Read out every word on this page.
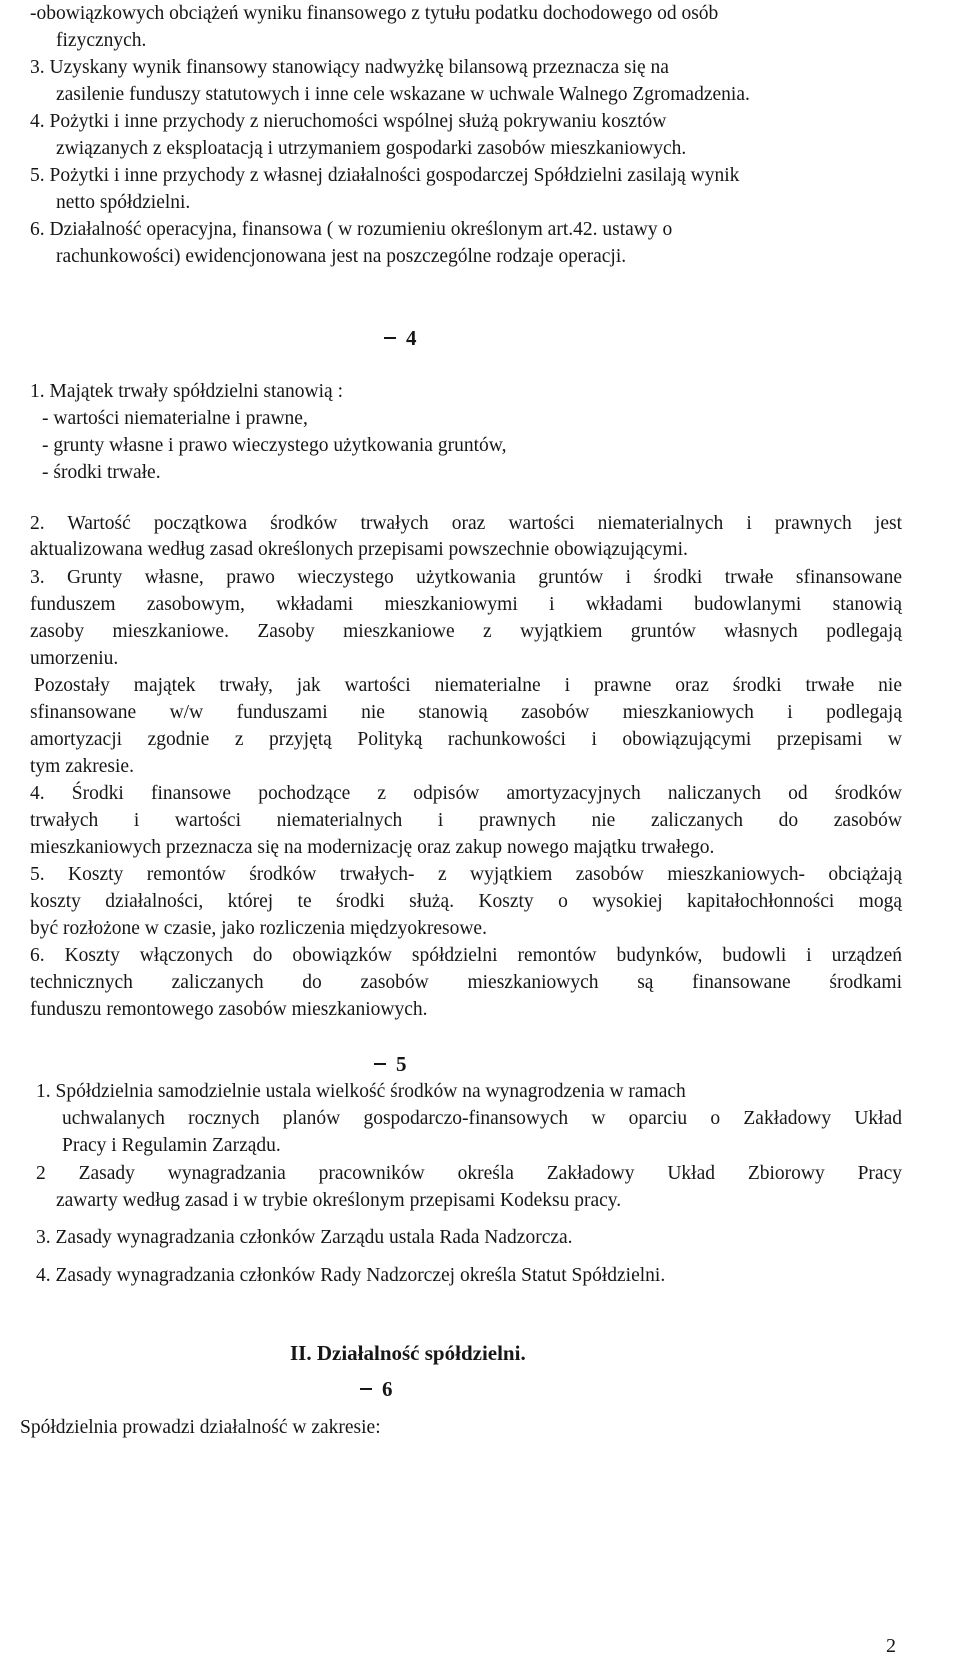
-obowiązkowych obciążeń wyniku finansowego z tytułu podatku dochodowego od osób
fizycznych.
3. Uzyskany wynik finansowy stanowiący nadwyżkę bilansową przeznacza się na
zasilenie funduszy statutowych i inne cele wskazane w uchwale Walnego Zgromadzenia.
4. Pożytki i inne przychody z nieruchomości wspólnej służą pokrywaniu kosztów
związanych z eksploatacją i utrzymaniem gospodarki zasobów mieszkaniowych.
5. Pożytki i inne przychody z własnej działalności gospodarczej Spółdzielni zasilają wynik
netto spółdzielni.
6. Działalność operacyjna, finansowa ( w rozumieniu określonym art.42. ustawy o
rachunkowości) ewidencjonowana jest na poszczególne rodzaje operacji.
4
1. Majątek trwały spółdzielni stanowią :
- wartości niematerialne i prawne,
- grunty własne i prawo wieczystego użytkowania gruntów,
- środki trwałe.
2. Wartość początkowa środków trwałych oraz wartości niematerialnych i prawnych jest
aktualizowana według zasad określonych przepisami powszechnie obowiązującymi.
3. Grunty własne, prawo wieczystego użytkowania gruntów i środki trwałe sfinansowane
funduszem zasobowym, wkładami mieszkaniowymi i wkładami budowlanymi stanowią
zasoby mieszkaniowe. Zasoby mieszkaniowe z wyjątkiem gruntów własnych podlegają
umorzeniu.
Pozostały majątek trwały, jak wartości niematerialne i prawne oraz środki trwałe nie
sfinansowane w/w funduszami nie stanowią zasobów mieszkaniowych i podlegają
amortyzacji zgodnie z przyjętą Polityką rachunkowości i obowiązującymi przepisami w
tym zakresie.
4. Środki finansowe pochodzące z odpisów amortyzacyjnych naliczanych od środków
trwałych i wartości niematerialnych i prawnych nie zaliczanych do zasobów
mieszkaniowych przeznacza się na modernizację oraz zakup nowego majątku trwałego.
5. Koszty remontów środków trwałych- z wyjątkiem zasobów mieszkaniowych- obciążają
koszty działalności, której te środki służą. Koszty o wysokiej kapitałochłonności mogą
być rozłożone w czasie, jako rozliczenia międzyokresowe.
6. Koszty włączonych do obowiązków spółdzielni remontów budynków, budowli i urządzeń
technicznych zaliczanych do zasobów mieszkaniowych są finansowane środkami
funduszu remontowego zasobów mieszkaniowych.
5
1. Spółdzielnia samodzielnie ustala wielkość środków na wynagrodzenia w ramach
uchwalanych rocznych planów gospodarczo-finansowych w oparciu o Zakładowy Układ
Pracy i Regulamin Zarządu.
2 Zasady wynagradzania pracowników określa Zakładowy Układ Zbiorowy Pracy
zawarty według zasad i w trybie określonym przepisami Kodeksu pracy.
3. Zasady wynagradzania członków Zarządu ustala Rada Nadzorcza.
4. Zasady wynagradzania członków Rady Nadzorczej określa Statut Spółdzielni.
II. Działalność spółdzielni.
6
Spółdzielnia prowadzi działalność w zakresie:
2
